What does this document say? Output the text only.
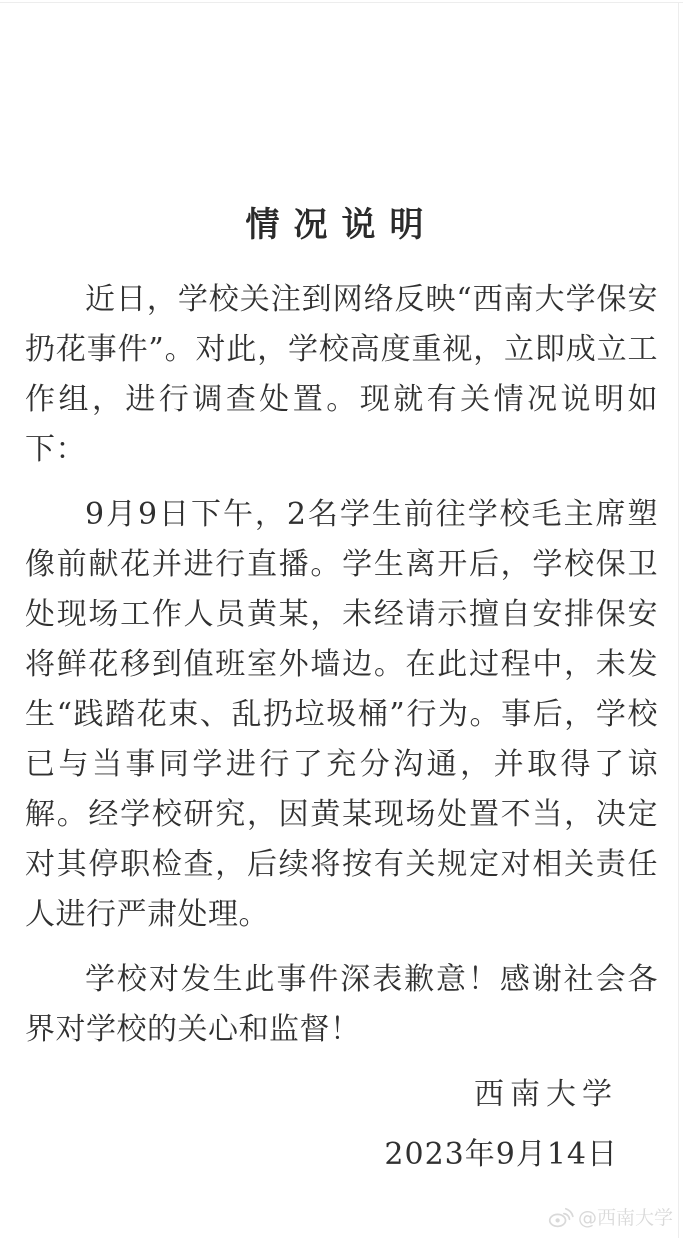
情况说明

近日，学校关注到网络反映“西南大学保安扔花事件”。对此，学校高度重视，立即成立工作组，进行调查处置。现就有关情况说明如下：

9月9日下午，2名学生前往学校毛主席塑像前献花并进行直播。学生离开后，学校保卫处现场工作人员黄某，未经请示擅自安排保安将鲜花移到值班室外墙边。在此过程中，未发生“践踏花束、乱扔垃圾桶”行为。事后，学校已与当事同学进行了充分沟通，并取得了谅解。经学校研究，因黄某现场处置不当，决定对其停职检查，后续将按有关规定对相关责任人进行严肃处理。

学校对发生此事件深表歉意！感谢社会各界对学校的关心和监督！

西南大学
2023年9月14日
@西南大学
